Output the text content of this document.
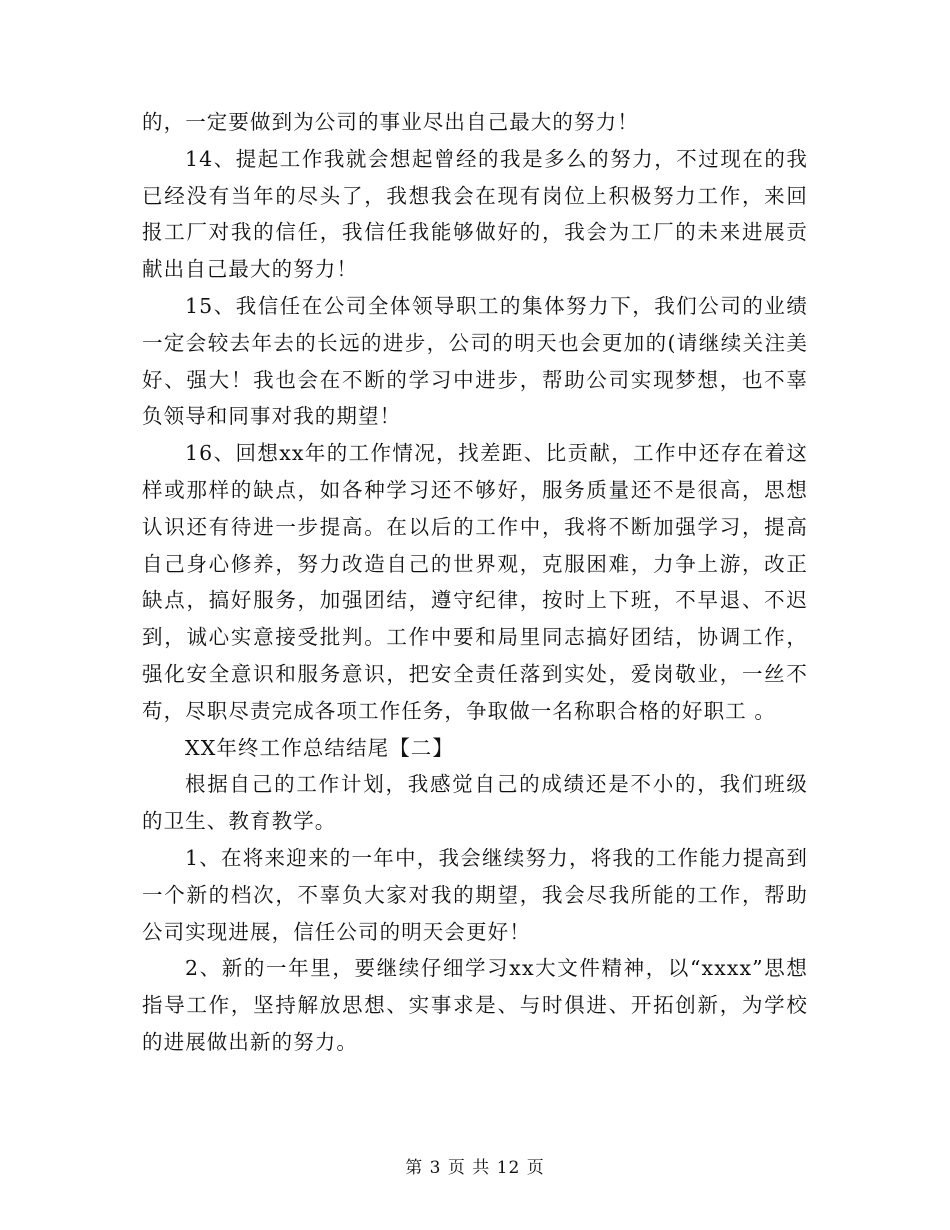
的，一定要做到为公司的事业尽出自己最大的努力！

14、提起工作我就会想起曾经的我是多么的努力，不过现在的我已经没有当年的尽头了，我想我会在现有岗位上积极努力工作，来回报工厂对我的信任，我信任我能够做好的，我会为工厂的未来进展贡献出自己最大的努力！

15、我信任在公司全体领导职工的集体努力下，我们公司的业绩一定会较去年去的长远的进步，公司的明天也会更加的(请继续关注美好、强大！我也会在不断的学习中进步，帮助公司实现梦想，也不辜负领导和同事对我的期望！

16、回想xx年的工作情况，找差距、比贡献，工作中还存在着这样或那样的缺点，如各种学习还不够好，服务质量还不是很高，思想认识还有待进一步提高。在以后的工作中，我将不断加强学习，提高自己身心修养，努力改造自己的世界观，克服困难，力争上游，改正缺点，搞好服务，加强团结，遵守纪律，按时上下班，不早退、不迟到，诚心实意接受批判。工作中要和局里同志搞好团结，协调工作，强化安全意识和服务意识，把安全责任落到实处，爱岗敬业，一丝不苟，尽职尽责完成各项工作任务，争取做一名称职合格的好职工 。

XX年终工作总结结尾【二】

根据自己的工作计划，我感觉自己的成绩还是不小的，我们班级的卫生、教育教学。

1、在将来迎来的一年中，我会继续努力，将我的工作能力提高到一个新的档次，不辜负大家对我的期望，我会尽我所能的工作，帮助公司实现进展，信任公司的明天会更好！

2、新的一年里，要继续仔细学习xx大文件精神，以“xxxx”思想指导工作，坚持解放思想、实事求是、与时俱进、开拓创新，为学校的进展做出新的努力。

第 3 页 共 12 页
